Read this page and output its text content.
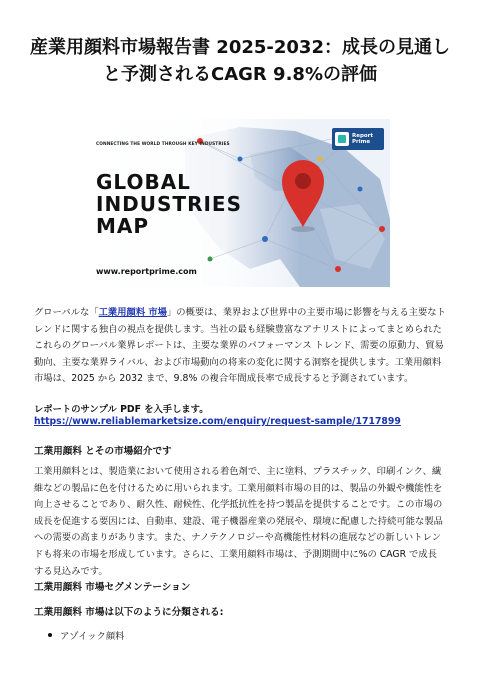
産業用顔料市場報告書 2025-2032：成長の見通しと予測されるCAGR 9.8%の評価
CONNECTING THE WORLD THROUGH KEY INDUSTRIES
GLOBAL
INDUSTRIES
MAP
www.reportprime.com
Report
Prime

グローバルな「工業用顔料 市場」の概要は、業界および世界中の主要市場に影響を与える主要なトレンドに関する独自の視点を提供します。当社の最も経験豊富なアナリストによってまとめられたこれらのグローバル業界レポートは、主要な業界のパフォーマンス トレンド、需要の原動力、貿易動向、主要な業界ライバル、および市場動向の将来の変化に関する洞察を提供します。工業用顔料 市場は、2025 から 2032 まで、9.8% の複合年間成長率で成長すると予測されています。

レポートのサンプル PDF を入手します。https://www.reliablemarketsize.com/enquiry/request-sample/1717899

工業用顔料 とその市場紹介です

工業用顔料とは、製造業において使用される着色剤で、主に塗料、プラスチック、印刷インク、繊維などの製品に色を付けるために用いられます。工業用顔料市場の目的は、製品の外観や機能性を向上させることであり、耐久性、耐候性、化学抵抗性を持つ製品を提供することです。この市場の成長を促進する要因には、自動車、建設、電子機器産業の発展や、環境に配慮した持続可能な製品への需要の高まりがあります。また、ナノテクノロジーや高機能性材料の進展などの新しいトレンドも将来の市場を形成しています。さらに、工業用顔料市場は、予測期間中に%の CAGR で成長する見込みです。

工業用顔料 市場セグメンテーション
工業用顔料 市場は以下のように分類される:
アゾイック顔料
